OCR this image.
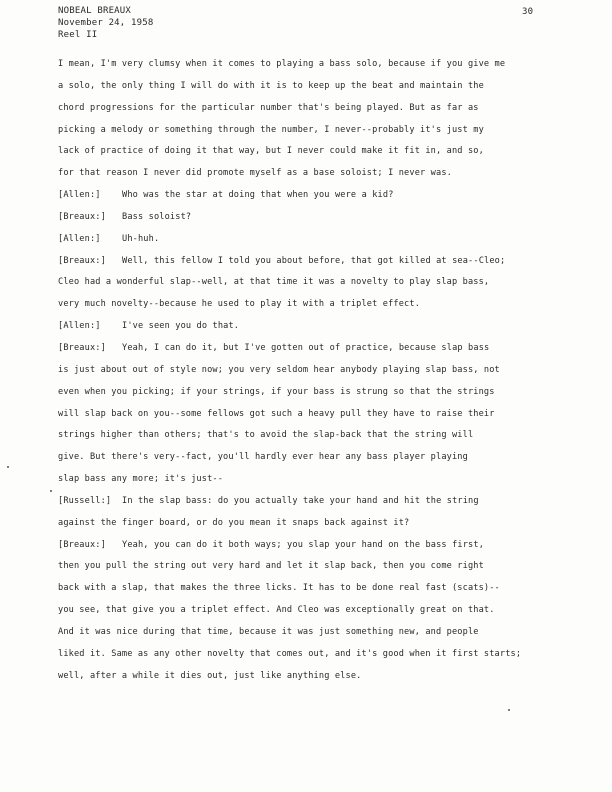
NOBEAL BREAUX
November 24, 1958
Reel II
30
I mean, I'm very clumsy when it comes to playing a bass solo, because if you give me
a solo, the only thing I will do with it is to keep up the beat and maintain the
chord progressions for the particular number that's being played. But as far as
picking a melody or something through the number, I never--probably it's just my
lack of practice of doing it that way, but I never could make it fit in, and so,
for that reason I never did promote myself as a base soloist; I never was.
[Allen:] Who was the star at doing that when you were a kid?
[Breaux:] Bass soloist?
[Allen:] Uh-huh.
[Breaux:] Well, this fellow I told you about before, that got killed at sea--Cleo;
Cleo had a wonderful slap--well, at that time it was a novelty to play slap bass,
very much novelty--because he used to play it with a triplet effect.
[Allen:] I've seen you do that.
[Breaux:] Yeah, I can do it, but I've gotten out of practice, because slap bass
is just about out of style now; you very seldom hear anybody playing slap bass, not
even when you picking; if your strings, if your bass is strung so that the strings
will slap back on you--some fellows got such a heavy pull they have to raise their
strings higher than others; that's to avoid the slap-back that the string will
give. But there's very--fact, you'll hardly ever hear any bass player playing
slap bass any more; it's just--
[Russell:] In the slap bass: do you actually take your hand and hit the string
against the finger board, or do you mean it snaps back against it?
[Breaux:] Yeah, you can do it both ways; you slap your hand on the bass first,
then you pull the string out very hard and let it slap back, then you come right
back with a slap, that makes the three licks. It has to be done real fast (scats)--
you see, that give you a triplet effect. And Cleo was exceptionally great on that.
And it was nice during that time, because it was just something new, and people
liked it. Same as any other novelty that comes out, and it's good when it first starts;
well, after a while it dies out, just like anything else.
